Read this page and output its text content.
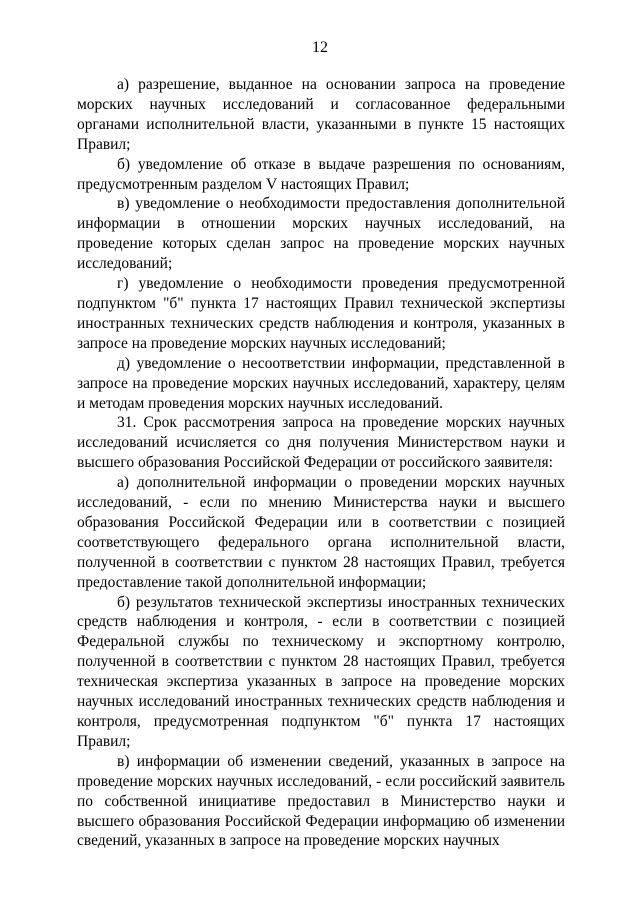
12

а) разрешение, выданное на основании запроса на проведение морских научных исследований и согласованное федеральными органами исполнительной власти, указанными в пункте 15 настоящих Правил;

б) уведомление об отказе в выдаче разрешения по основаниям, предусмотренным разделом V настоящих Правил;

в) уведомление о необходимости предоставления дополнительной информации в отношении морских научных исследований, на проведение которых сделан запрос на проведение морских научных исследований;

г) уведомление о необходимости проведения предусмотренной подпунктом "б" пункта 17 настоящих Правил технической экспертизы иностранных технических средств наблюдения и контроля, указанных в запросе на проведение морских научных исследований;

д) уведомление о несоответствии информации, представленной в запросе на проведение морских научных исследований, характеру, целям и методам проведения морских научных исследований.

31. Срок рассмотрения запроса на проведение морских научных исследований исчисляется со дня получения Министерством науки и высшего образования Российской Федерации от российского заявителя:

а) дополнительной информации о проведении морских научных исследований, - если по мнению Министерства науки и высшего образования Российской Федерации или в соответствии с позицией соответствующего федерального органа исполнительной власти, полученной в соответствии с пунктом 28 настоящих Правил, требуется предоставление такой дополнительной информации;

б) результатов технической экспертизы иностранных технических средств наблюдения и контроля, - если в соответствии с позицией Федеральной службы по техническому и экспортному контролю, полученной в соответствии с пунктом 28 настоящих Правил, требуется техническая экспертиза указанных в запросе на проведение морских научных исследований иностранных технических средств наблюдения и контроля, предусмотренная подпунктом "б" пункта 17 настоящих Правил;

в) информации об изменении сведений, указанных в запросе на проведение морских научных исследований, - если российский заявитель по собственной инициативе предоставил в Министерство науки и высшего образования Российской Федерации информацию об изменении сведений, указанных в запросе на проведение морских научных
